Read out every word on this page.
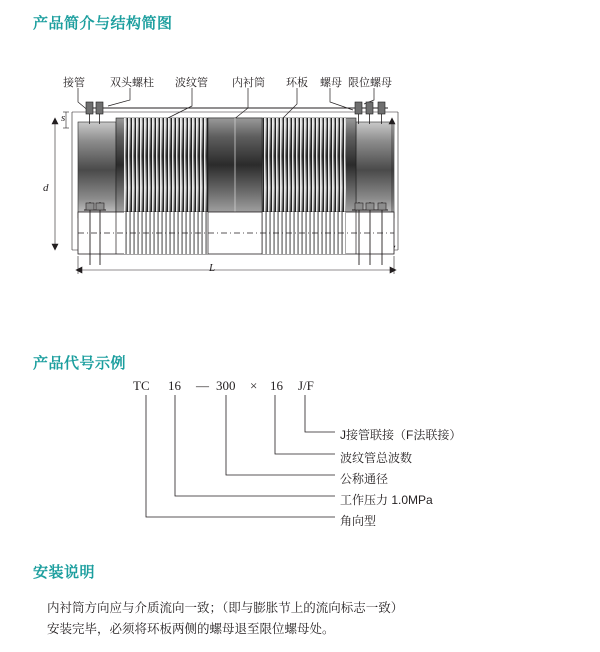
产品简介与结构简图
接管 双头螺柱 波纹管 内衬筒 环板 螺母 限位螺母
s
d
L
产品代号示例
TC 16 — 300 × 16 J/F
J接管联接（F法联接）
波纹管总波数
公称通径
工作压力 1.0MPa
角向型
安装说明
内衬筒方向应与介质流向一致；（即与膨胀节上的流向标志一致）
安装完毕，必须将环板两侧的螺母退至限位螺母处。
